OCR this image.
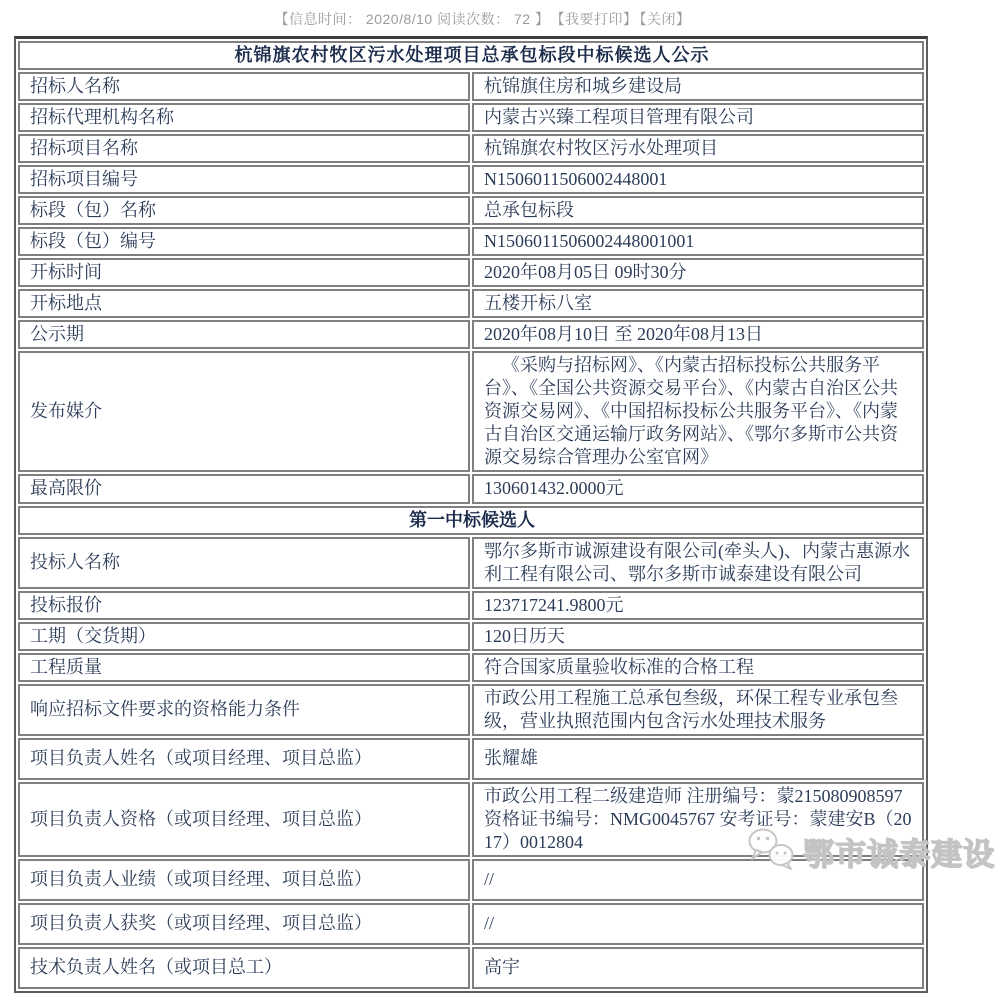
【信息时间： 2020/8/10 阅读次数： 72 】 【我要打印】 【关闭】
杭锦旗农村牧区污水处理项目总承包标段中标候选人公示	
招标人名称	杭锦旗住房和城乡建设局
招标代理机构名称	内蒙古兴臻工程项目管理有限公司
招标项目名称	杭锦旗农村牧区污水处理项目
招标项目编号	N1506011506002448001
标段（包）名称	总承包标段
标段（包）编号	N1506011506002448001001
开标时间	2020年08月05日 09时30分
开标地点	五楼开标八室
公示期	2020年08月10日 至 2020年08月13日
发布媒介	《采购与招标网》、《内蒙古招标投标公共服务平台》、《全国公共资源交易平台》、《内蒙古自治区公共资源交易网》、《中国招标投标公共服务平台》、《内蒙古自治区交通运输厅政务网站》、《鄂尔多斯市公共资源交易综合管理办公室官网》
最高限价	130601432.0000元
第一中标候选人	
投标人名称	鄂尔多斯市诚源建设有限公司(牵头人)、内蒙古惠源水利工程有限公司、鄂尔多斯市诚泰建设有限公司
投标报价	123717241.9800元
工期（交货期）	120日历天
工程质量	符合国家质量验收标准的合格工程
响应招标文件要求的资格能力条件	市政公用工程施工总承包叁级，环保工程专业承包叁级，营业执照范围内包含污水处理技术服务
项目负责人姓名（或项目经理、项目总监）	张耀雄
项目负责人资格（或项目经理、项目总监）	市政公用工程二级建造师 注册编号：蒙215080908597 资格证书编号：NMG0045767 安考证号：蒙建安B（2017）0012804
项目负责人业绩（或项目经理、项目总监）	//
项目负责人获奖（或项目经理、项目总监）	//
技术负责人姓名（或项目总工）	高宇
鄂市诚泰建设
